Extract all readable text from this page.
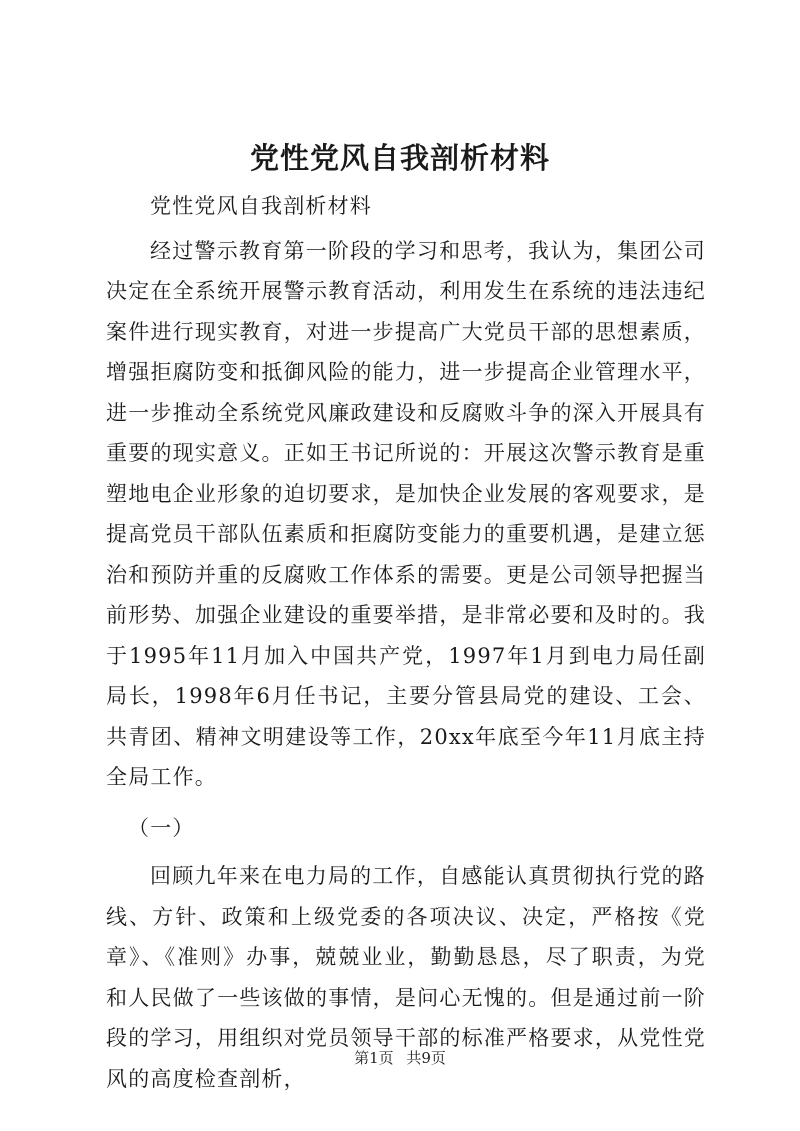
党性党风自我剖析材料

党性党风自我剖析材料

经过警示教育第一阶段的学习和思考，我认为，集团公司决定在全系统开展警示教育活动，利用发生在系统的违法违纪案件进行现实教育，对进一步提高广大党员干部的思想素质，增强拒腐防变和抵御风险的能力，进一步提高企业管理水平，进一步推动全系统党风廉政建设和反腐败斗争的深入开展具有重要的现实意义。正如王书记所说的：开展这次警示教育是重塑地电企业形象的迫切要求，是加快企业发展的客观要求，是提高党员干部队伍素质和拒腐防变能力的重要机遇，是建立惩治和预防并重的反腐败工作体系的需要。更是公司领导把握当前形势、加强企业建设的重要举措，是非常必要和及时的。我于1995年11月加入中国共产党，1997年1月到电力局任副局长，1998年6月任书记，主要分管县局党的建设、工会、共青团、精神文明建设等工作，20xx年底至今年11月底主持全局工作。

（一）

回顾九年来在电力局的工作，自感能认真贯彻执行党的路线、方针、政策和上级党委的各项决议、决定，严格按《党章》、《准则》办事，兢兢业业，勤勤恳恳，尽了职责，为党和人民做了一些该做的事情，是问心无愧的。但是通过前一阶段的学习，用组织对党员领导干部的标准严格要求，从党性党风的高度检查剖析，

第1页 共9页
